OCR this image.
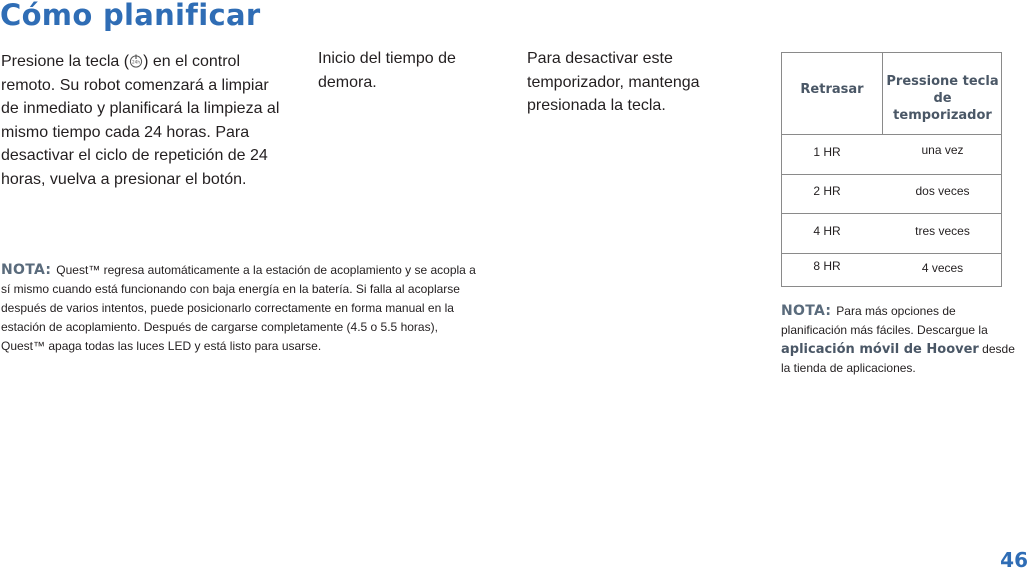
Cómo planificar
Presione la tecla ( 24h ) en el control remoto. Su robot comenzará a limpiar de inmediato y planificará la limpieza al mismo tiempo cada 24 horas. Para desactivar el ciclo de repetición de 24 horas, vuelva a presionar el botón.
Inicio del tiempo de demora.
Para desactivar este temporizador, mantenga presionada la tecla.
NOTA: Quest™ regresa automáticamente a la estación de acoplamiento y se acopla a sí mismo cuando está funcionando con baja energía en la batería. Si falla al acoplarse después de varios intentos, puede posicionarlo correctamente en forma manual en la estación de acoplamiento. Después de cargarse completamente (4.5 o 5.5 horas), Quest™ apaga todas las luces LED y está listo para usarse.
Retrasar
Pressione tecla de temporizador
1 HR	una vez
2 HR	dos veces
4 HR	tres veces
8 HR	4 veces
NOTA: Para más opciones de planificación más fáciles. Descargue la aplicación móvil de Hoover desde la tienda de aplicaciones.
46
